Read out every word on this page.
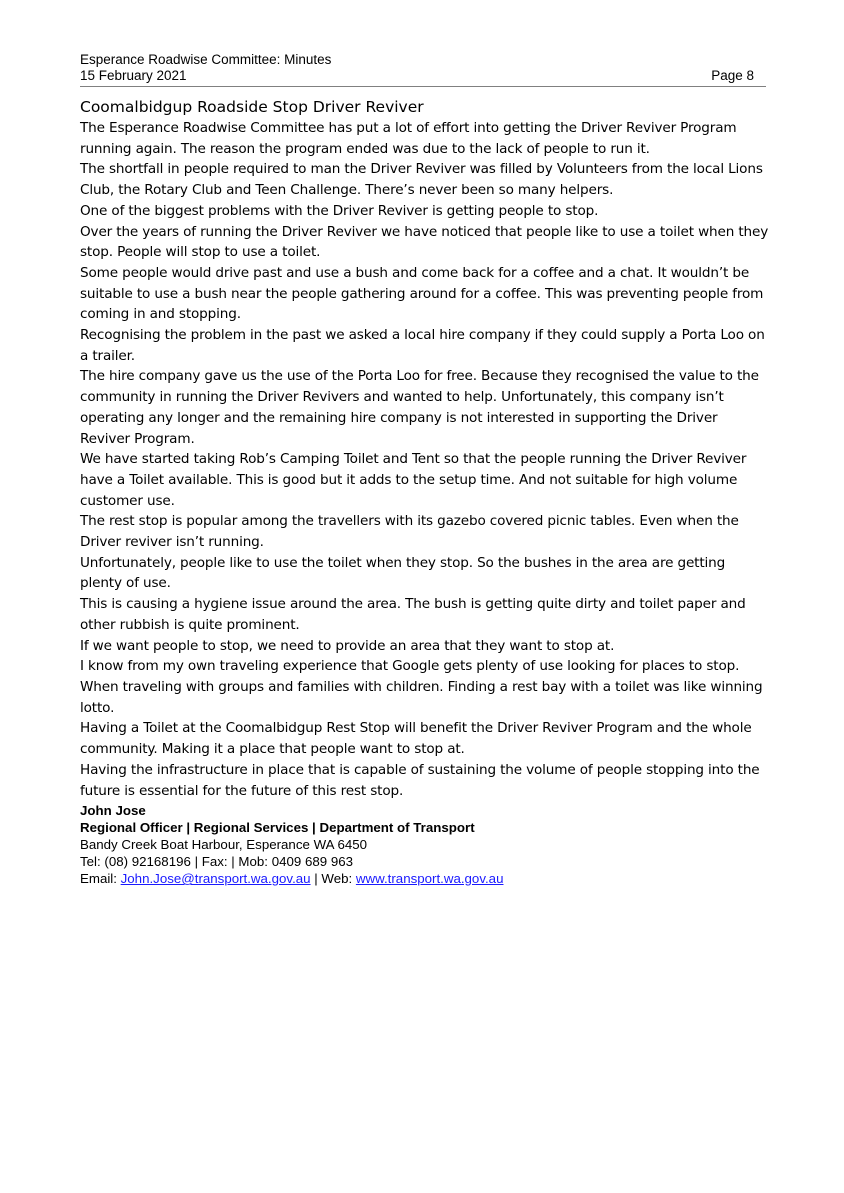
Esperance Roadwise Committee: Minutes
15 February 2021	Page 8
Coomalbidgup Roadside Stop Driver Reviver

The Esperance Roadwise Committee has put a lot of effort into getting the Driver Reviver Program running again. The reason the program ended was due to the lack of people to run it.

The shortfall in people required to man the Driver Reviver was filled by Volunteers from the local Lions Club, the Rotary Club and Teen Challenge. There’s never been so many helpers.

One of the biggest problems with the Driver Reviver is getting people to stop.

Over the years of running the Driver Reviver we have noticed that people like to use a toilet when they stop. People will stop to use a toilet.

Some people would drive past and use a bush and come back for a coffee and a chat. It wouldn’t be suitable to use a bush near the people gathering around for a coffee. This was preventing people from coming in and stopping.

Recognising the problem in the past we asked a local hire company if they could supply a Porta Loo on a trailer.

The hire company gave us the use of the Porta Loo for free. Because they recognised the value to the community in running the Driver Revivers and wanted to help. Unfortunately, this company isn’t operating any longer and the remaining hire company is not interested in supporting the Driver Reviver Program.

We have started taking Rob’s Camping Toilet and Tent so that the people running the Driver Reviver have a Toilet available. This is good but it adds to the setup time. And not suitable for high volume customer use.

The rest stop is popular among the travellers with its gazebo covered picnic tables. Even when the Driver reviver isn’t running.

Unfortunately, people like to use the toilet when they stop. So the bushes in the area are getting plenty of use.

This is causing a hygiene issue around the area. The bush is getting quite dirty and toilet paper and other rubbish is quite prominent.

If we want people to stop, we need to provide an area that they want to stop at.

I know from my own traveling experience that Google gets plenty of use looking for places to stop. When traveling with groups and families with children. Finding a rest bay with a toilet was like winning lotto.

Having a Toilet at the Coomalbidgup Rest Stop will benefit the Driver Reviver Program and the whole community. Making it a place that people want to stop at.

Having the infrastructure in place that is capable of sustaining the volume of people stopping into the future is essential for the future of this rest stop.

John Jose
Regional Officer | Regional Services | Department of Transport
Bandy Creek Boat Harbour, Esperance WA 6450
Tel: (08) 92168196 | Fax: | Mob: 0409 689 963
Email: John.Jose@transport.wa.gov.au | Web: www.transport.wa.gov.au
